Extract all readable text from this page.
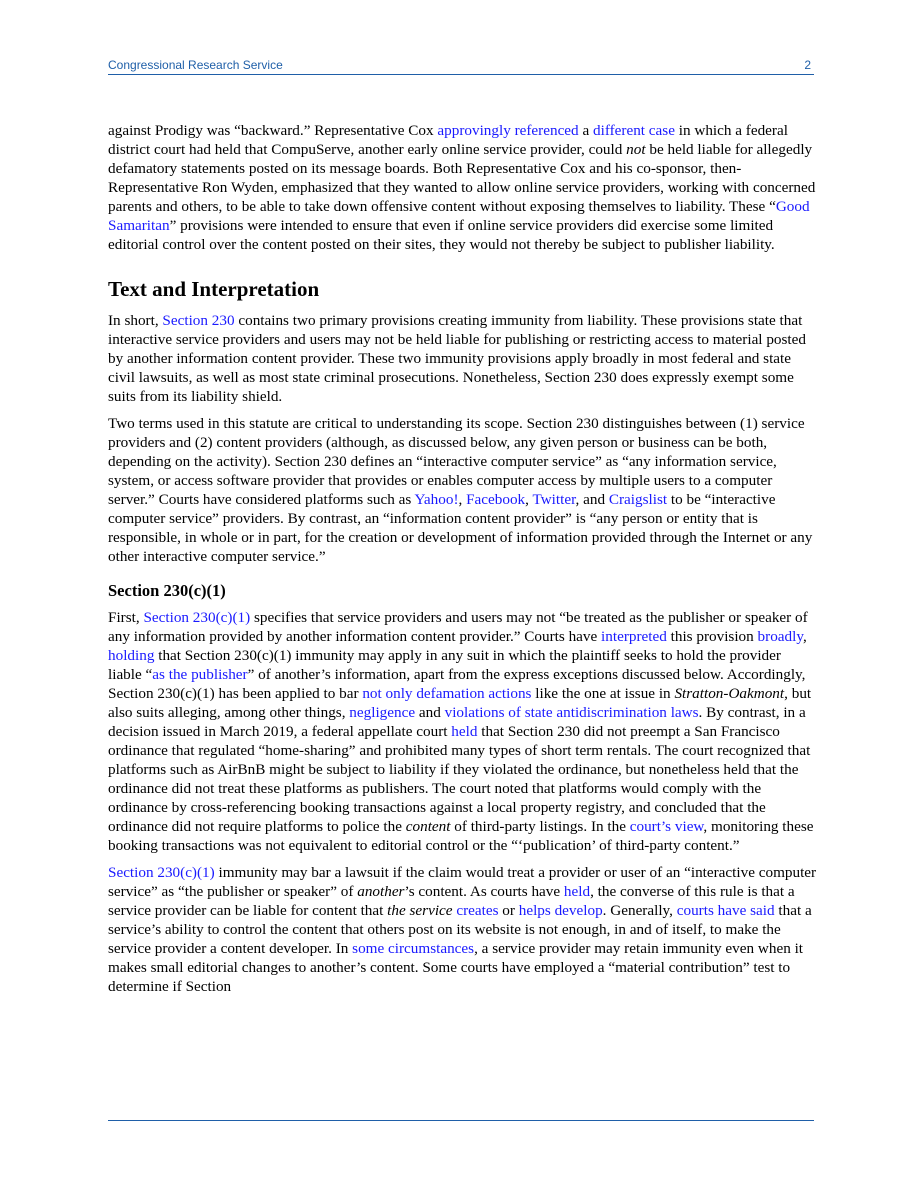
Congressional Research Service	2

against Prodigy was “backward.” Representative Cox approvingly referenced a different case in which a federal district court had held that CompuServe, another early online service provider, could not be held liable for allegedly defamatory statements posted on its message boards. Both Representative Cox and his co-sponsor, then-Representative Ron Wyden, emphasized that they wanted to allow online service providers, working with concerned parents and others, to be able to take down offensive content without exposing themselves to liability. These “Good Samaritan” provisions were intended to ensure that even if online service providers did exercise some limited editorial control over the content posted on their sites, they would not thereby be subject to publisher liability.

Text and Interpretation

In short, Section 230 contains two primary provisions creating immunity from liability. These provisions state that interactive service providers and users may not be held liable for publishing or restricting access to material posted by another information content provider. These two immunity provisions apply broadly in most federal and state civil lawsuits, as well as most state criminal prosecutions. Nonetheless, Section 230 does expressly exempt some suits from its liability shield.

Two terms used in this statute are critical to understanding its scope. Section 230 distinguishes between (1) service providers and (2) content providers (although, as discussed below, any given person or business can be both, depending on the activity). Section 230 defines an “interactive computer service” as “any information service, system, or access software provider that provides or enables computer access by multiple users to a computer server.” Courts have considered platforms such as Yahoo!, Facebook, Twitter, and Craigslist to be “interactive computer service” providers. By contrast, an “information content provider” is “any person or entity that is responsible, in whole or in part, for the creation or development of information provided through the Internet or any other interactive computer service.”

Section 230(c)(1)

First, Section 230(c)(1) specifies that service providers and users may not “be treated as the publisher or speaker of any information provided by another information content provider.” Courts have interpreted this provision broadly, holding that Section 230(c)(1) immunity may apply in any suit in which the plaintiff seeks to hold the provider liable “as the publisher” of another’s information, apart from the express exceptions discussed below. Accordingly, Section 230(c)(1) has been applied to bar not only defamation actions like the one at issue in Stratton-Oakmont, but also suits alleging, among other things, negligence and violations of state antidiscrimination laws. By contrast, in a decision issued in March 2019, a federal appellate court held that Section 230 did not preempt a San Francisco ordinance that regulated “home-sharing” and prohibited many types of short term rentals. The court recognized that platforms such as AirBnB might be subject to liability if they violated the ordinance, but nonetheless held that the ordinance did not treat these platforms as publishers. The court noted that platforms would comply with the ordinance by cross-referencing booking transactions against a local property registry, and concluded that the ordinance did not require platforms to police the content of third-party listings. In the court’s view, monitoring these booking transactions was not equivalent to editorial control or the “‘publication’ of third-party content.”

Section 230(c)(1) immunity may bar a lawsuit if the claim would treat a provider or user of an “interactive computer service” as “the publisher or speaker” of another’s content. As courts have held, the converse of this rule is that a service provider can be liable for content that the service creates or helps develop. Generally, courts have said that a service’s ability to control the content that others post on its website is not enough, in and of itself, to make the service provider a content developer. In some circumstances, a service provider may retain immunity even when it makes small editorial changes to another’s content. Some courts have employed a “material contribution” test to determine if Section
